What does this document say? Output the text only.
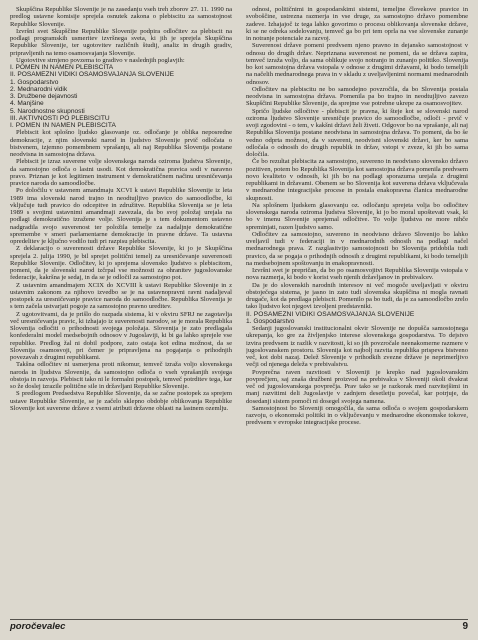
Skupščina Republike Slovenije je na zasedanju vseh treh zborov 27. 11. 1990 na predlog ustavne komisije sprejela osnutek zakona o plebiscitu za samostojnost Republike Slovenije.

Izvršni svet Skupščine Republike Slovenije podpira odločitev za plebiscit na podlagi programskih usmeritev izvršnega sveta, ki jih je sprejela Skupščina Republike Slovenije, ter ugotovitev različnih študij, analiz in drugih gradiv, pripravljenih na temo osamosvajanja Slovenije.

Ugotovitve strnjeno povzema to gradivo v naslednjih poglavjih:

I. POMEN IN NAMEN PLEBISCITA

II. POSAMEZNI VIDIKI OSAMOSVAJANJA SLOVENIJE

1. Gospodarstvo

2. Mednarodni vidik

3. Družbene dejavnosti

4. Manjšine

5. Narodnostne skupnosti

III. AKTIVNOSTI PO PLEBISCITU

I. POMEN IN NAMEN PLEBISCITA

Plebiscit kot splošno ljudsko glasovanje oz. odločanje je oblika neposredne demokracije, z njim slovenski narod in ljudstvo Slovenije prvič odločata o bistvenem, izjemno pomembnem vprašanju, ali naj Republika Slovenija postane neodvisna in samostojna država.

Plebiscit je izraz suverene volje slovenskega naroda oziroma ljudstva Slovenije, da samostojno odloča o lastni usodi. Kot demokratična pravica sodi v naravno pravo. Priznan je kot legitimen instrument v demokratičnem načinu uresničevanja pravice naroda do samoodločbe.

Po določilu v ustavnem amandmaju XCVI k ustavi Republike Slovenije iz leta 1989 ima slovenski narod trajno in neodtujljivo pravico do samoodločbe, ki vključuje tudi pravico do odcepitve in združitve. Republika Slovenija se je leta 1989 s svojimi ustavnimi amandmaji zavezala, da bo svoj položaj urejala na podlagi demokratično izražene volje. Slovenija je s tem dokumentom ustavno nadgradila svojo suverenost ter položila temelje za nadaljnje demokratične spremembe v smeri parlamentarne demokracije in pravne države. Ta ustavna opredelitev je ključno vodilo tudi pri razpisu plebiscita.

Z deklaracijo o suverenosti države Republike Slovenije, ki jo je Skupščina sprejela 2. julija 1990, je bil sprejet politični temelj za uresničevanje suverenosti Republike Slovenije. Odločitev, ki jo sprejema slovensko ljudstvo s plebiscitom, pomeni, da je slovenski narod izčrpal vse možnosti za ohranitev jugoslovanske federacije, kakršna je sedaj, in da se je odločil za samostojno pot.

Z ustavnim amandmajem XCIX do XCVIII k ustavi Republike Slovenije in z ustavnim zakonom za njihovo izvedbo se je na ustavnopravni ravni nadaljeval postopek za uresničevanje pravice naroda do samoodločbe. Republika Slovenija je s tem začela ustvarjati pogoje za samostojno pravno ureditev.

Z ugotovitvami, da je prišlo do razpada sistema, ki v okviru SFRJ ne zagotavlja več uresničevanja pravic, ki izhajajo iz suverenosti narodov, se je morala Republika Slovenija odločiti o prihodnosti svojega položaja. Slovenija je zato predlagala konfederalni model medsebojnih odnosov v Jugoslaviji, ki bi ga lahko sprejele vse republike. Predlog žal ni dobil podpore, zato ostaja kot edina možnost, da se Slovenija osamosvoji, pri čemer je pripravljena na pogajanja o prihodnjih povezavah z drugimi republikami.

Takšna odločitev ni usmerjena proti nikomur, temveč izraža voljo slovenskega naroda in ljudstva Slovenije, da samostojno odloča o vseh vprašanjih svojega obstoja in razvoja. Plebiscit tako ni le formalni postopek, temveč potrditev tega, kar so že doslej izrazile politične sile in državljani Republike Slovenije.

S predlogom Predsedstva Republike Slovenije, da se začne postopek za sprejem ustave Republike Slovenije, se je začelo sklepno obdobje oblikovanja Republike Slovenije kot suverene države z vsemi atributi državne oblasti na lastnem ozemlju.

odnosi, političnimi in gospodarskimi sistemi, temeljne človekove pravice in svoboščine, ustrezna razmerja in vse druge, za samostojno državo pomembne zadeve. Izhajajoč iz tega lahko govorimo o procesu oblikovanja slovenske države, ki se ne odreka sodelovanju, temveč ga bo pri tem oprla na vse slovenske zunanje in notranje potenciale za razvoj.

Suverenost države pomeni predvsem njeno pravno in dejansko samostojnost v odnosu do drugih držav. Nepriznana suverenost ne pomeni, da se država zapira, temveč izraža voljo, da sama oblikuje svojo notranjo in zunanjo politiko. Slovenija bo kot samostojna država vstopala v odnose z drugimi državami, ki bodo temeljili na načelih mednarodnega prava in v skladu z uveljavljenimi normami mednarodnih odnosov.

Odločitev na plebiscitu ne bo samodejno povzročila, da bo Slovenija postala neodvisna in samostojna država. Pomenila pa bo trajno in neodtujljivo zavezo Skupščini Republike Slovenije, da sprejme vse potrebne ukrepe za osamosvojitev.

Spričo ljudske odločitve - plebiscit je pravna, ki šteje kot se slovenski narod oziroma ljudstvo Slovenije uresničuje pravico do samoodločbe, odloči - prvič v svoji zgodovini - o tem, v kakšni državi želi živeti. Odgovor bo na vprašanje, ali naj Republika Slovenija postane neodvisna in samostojna država. To pomeni, da bo še vedno odprta možnost, da v suvereni, neodvisni slovenski državi, ker bo sama odločala o odnosih do drugih republik in držav, vstopi v zveze, ki jih bo sama določila.

Če bo rezultat plebiscita za samostojno, suvereno in neodvisno slovensko državo pozitiven, potem bo Republika Slovenija kot samostojna država pomenila predvsem novo kvaliteto v odnosih, ki jih bo na podlagi sporazuma urejala z drugimi republikami in državami. Obenem se bo Slovenija kot suverena država vključevala v mednarodne integracijske procese in postala enakopravna članica mednarodne skupnosti.

Na splošnem ljudskem glasovanju oz. odločanju sprejeta volja bo odločitev slovenskega naroda oziroma ljudstva Slovenije, ki jo bo moral upoštevati vsak, ki bo v imenu Slovenije sprejemal odločitve. To volje ljudstva ne more nihče spreminjati, razen ljudstvo samo.

Odločitev za samostojno, suvereno in neodvisno državo Slovenijo bo lahko uveljavil tudi v federaciji in v mednarodnih odnosih na podlagi načel mednarodnega prava. Z razglasitvijo samostojnosti bo Slovenija pridobila tudi pravico, da se pogaja o prihodnjih odnosih z drugimi republikami, ki bodo temeljili na medsebojnem spoštovanju in enakopravnosti.

Izvršni svet je prepričan, da bo po osamosvojitvi Republika Slovenija vstopala v nova razmerja, ki bodo v korist vseh njenih državljanov in prebivalcev.

Da je do slovenskih narodnih interesov ni več mogoče uveljavljati v okviru obstoječega sistema, je jasno in zato tudi slovenska skupščina ni mogla ravnati drugače, kot da predlaga plebiscit. Pomenilo pa bo tudi, da je za samoodločbo zrelo tako ljudstvo kot njegovi izvoljeni predstavniki.

II. POSAMEZNI VIDIKI OSAMOSVAJANJA SLOVENIJE

1. Gospodarstvo

Sedanji jugoslovanski institucionalni okvir Slovenije ne dopušča samostojnega ukrepanja, ko gre za življenjsko interese slovenskega gospodarstva. To dejstvo izvira predvsem iz razlik v razvitosti, ki so jih povzročale neenakomerne razmere v jugoslovanskem prostoru. Slovenija kot najbolj razvita republika prispeva bistveno več, kot dobi nazaj. Delež Slovenije v prihodkih zvezne države je neprimerljivo večji od njenega deleža v prebivalstvu.

Povprečna raven razvitosti v Sloveniji je krepko nad jugoslovanskim povprečjem, saj znaša družbeni proizvod na prebivalca v Sloveniji okoli dvakrat več od jugoslovanskega povprečja. Prav tako se je razkorak med razvitejšimi in manj razvitimi deli Jugoslavije v zadnjem desetletju povečal, kar potrjuje, da dosedanji sistem pomoči ni dosegel svojega namena.

Samostojnost bo Sloveniji omogočila, da sama odloča o svojem gospodarskem razvoju, o ekonomski politiki in o vključevanju v mednarodne ekonomske tokove, predvsem v evropske integracijske procese.

poročevalec	9
